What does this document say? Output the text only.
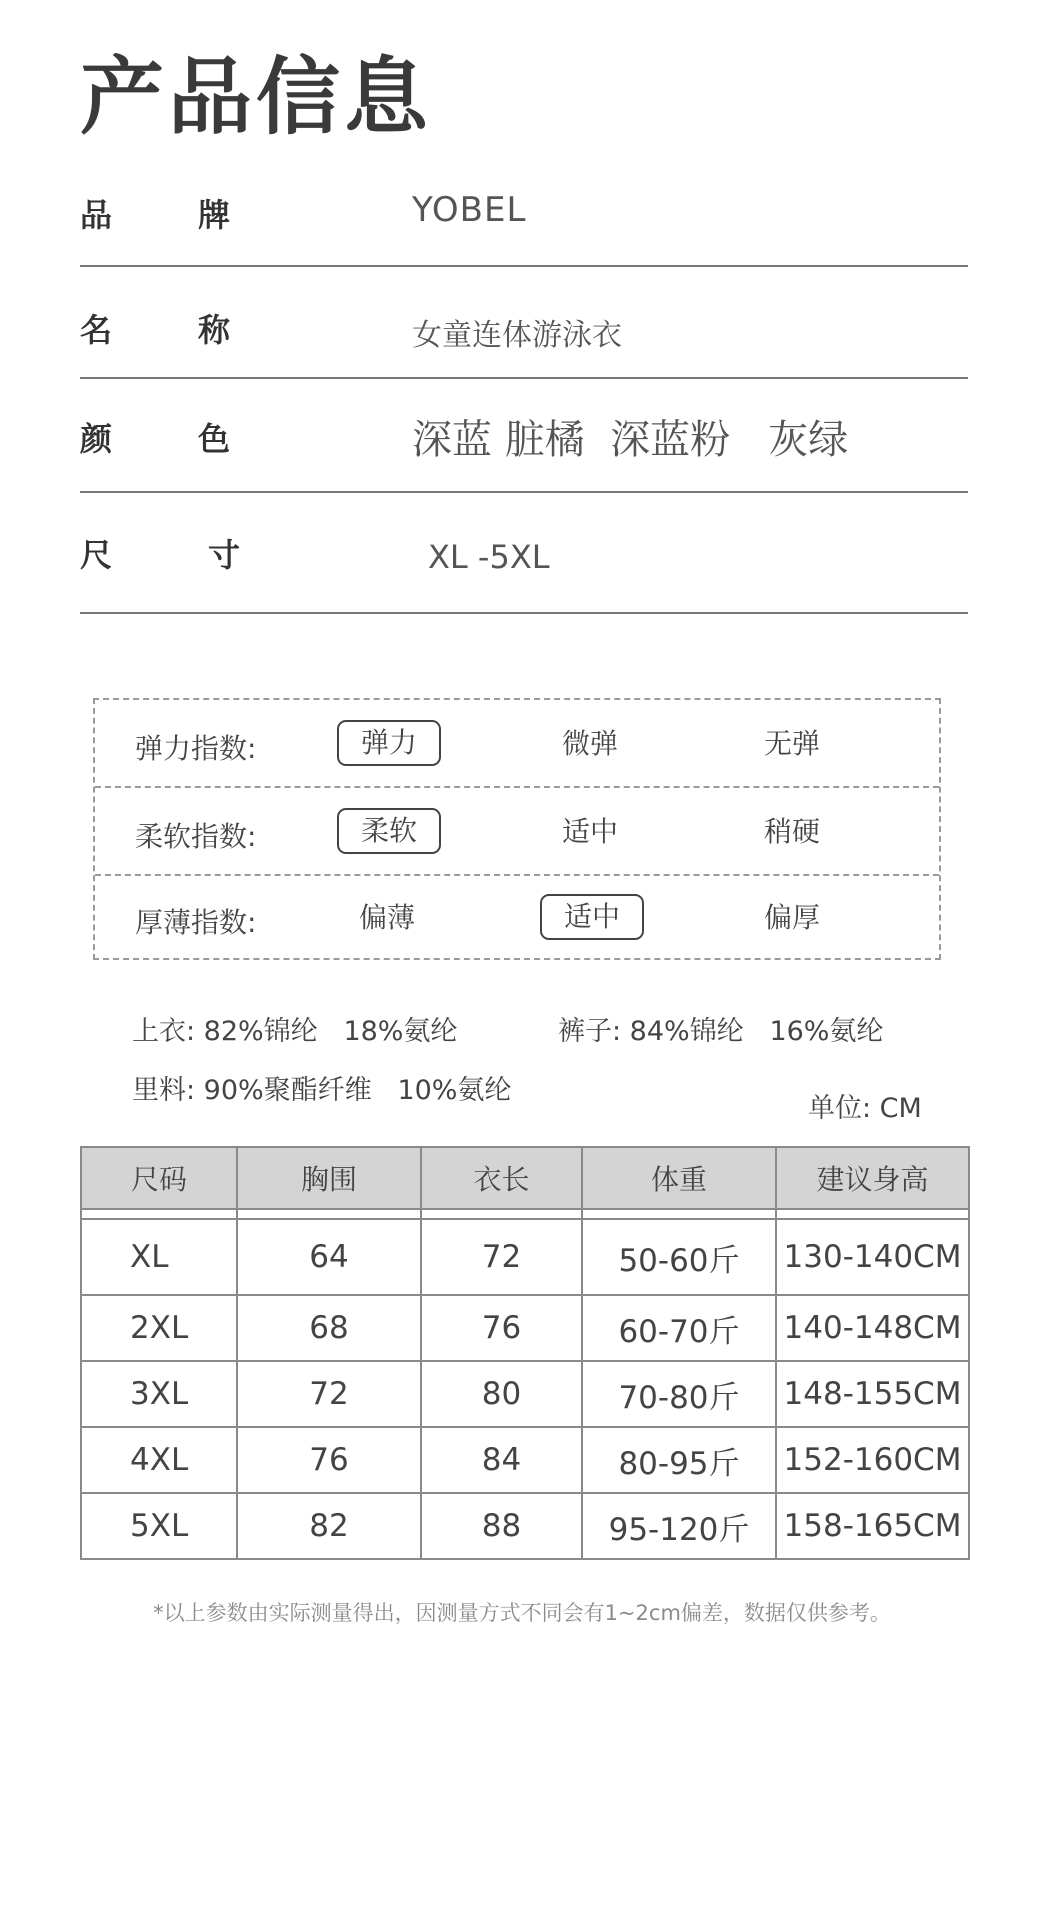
产品信息
品	牌	YOBEL
名	称	女童连体游泳衣
颜	色	深蓝 脏橘  深蓝粉   灰绿
尺	寸	XL -5XL
弹力指数:	弹力	微弹	无弹
柔软指数:	柔软	适中	稍硬
厚薄指数:	偏薄	适中	偏厚
上衣: 82%锦纶   18%氨纶	裤子: 84%锦纶   16%氨纶
里料: 90%聚酯纤维   10%氨纶
单位: CM
尺码	胸围	衣长	体重	建议身高

XL	64	72	50-60斤	130-140CM
2XL	68	76	60-70斤	140-148CM
3XL	72	80	70-80斤	148-155CM
4XL	76	84	80-95斤	152-160CM
5XL	82	88	95-120斤	158-165CM
*以上参数由实际测量得出，因测量方式不同会有1~2cm偏差，数据仅供参考。
